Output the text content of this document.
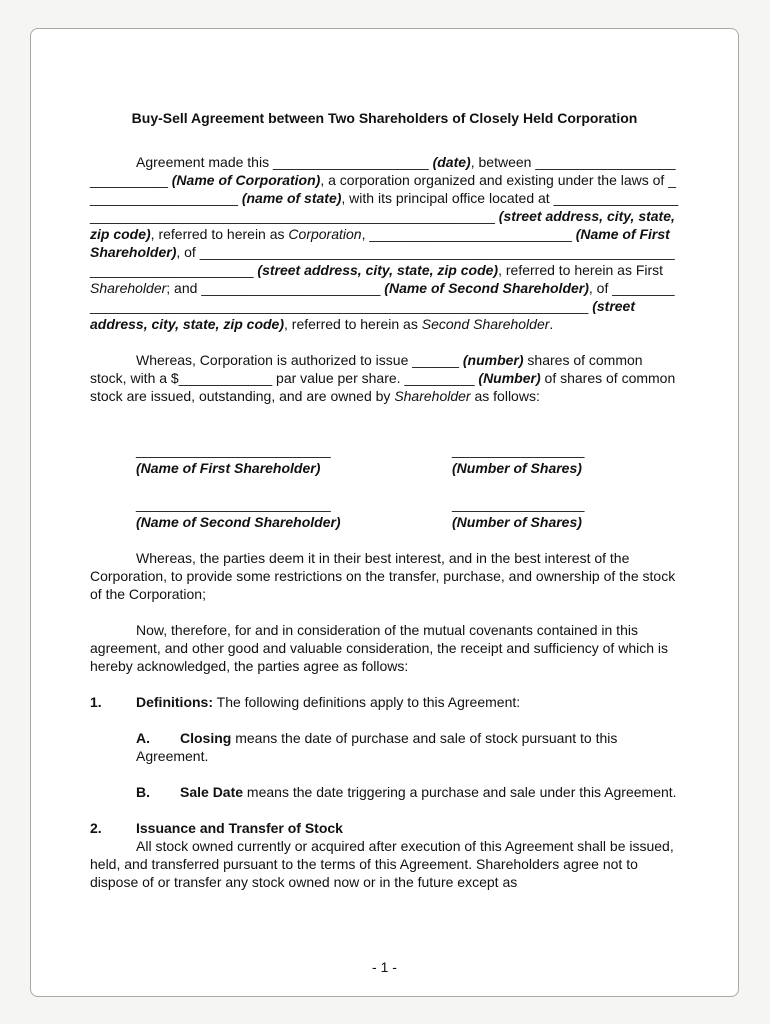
Buy-Sell Agreement between Two Shareholders of Closely Held Corporation

Agreement made this ____________________ (date), between ____________________________ (Name of Corporation), a corporation organized and existing under the laws of ____________________ (name of state), with its principal office located at ____________________________________________________________________ (street address, city, state, zip code), referred to herein as Corporation, __________________________ (Name of First Shareholder), of __________________________________________________________________________________ (street address, city, state, zip code), referred to herein as First Shareholder; and _______________________ (Name of Second Shareholder), of ________________________________________________________________________ (street address, city, state, zip code), referred to herein as Second Shareholder.

Whereas, Corporation is authorized to issue ______ (number) shares of common stock, with a $____________ par value per share. _________ (Number) of shares of common stock are issued, outstanding, and are owned by Shareholder as follows:

_________________________	_________________
(Name of First Shareholder)	(Number of Shares)
_________________________	_________________
(Name of Second Shareholder)	(Number of Shares)

Whereas, the parties deem it in their best interest, and in the best interest of the Corporation, to provide some restrictions on the transfer, purchase, and ownership of the stock of the Corporation;

Now, therefore, for and in consideration of the mutual covenants contained in this agreement, and other good and valuable consideration, the receipt and sufficiency of which is hereby acknowledged, the parties agree as follows:

1. Definitions: The following definitions apply to this Agreement:
A. Closing means the date of purchase and sale of stock pursuant to this Agreement.
B. Sale Date means the date triggering a purchase and sale under this Agreement.
2. Issuance and Transfer of Stock

All stock owned currently or acquired after execution of this Agreement shall be issued, held, and transferred pursuant to the terms of this Agreement. Shareholders agree not to dispose of or transfer any stock owned now or in the future except as

- 1 -
